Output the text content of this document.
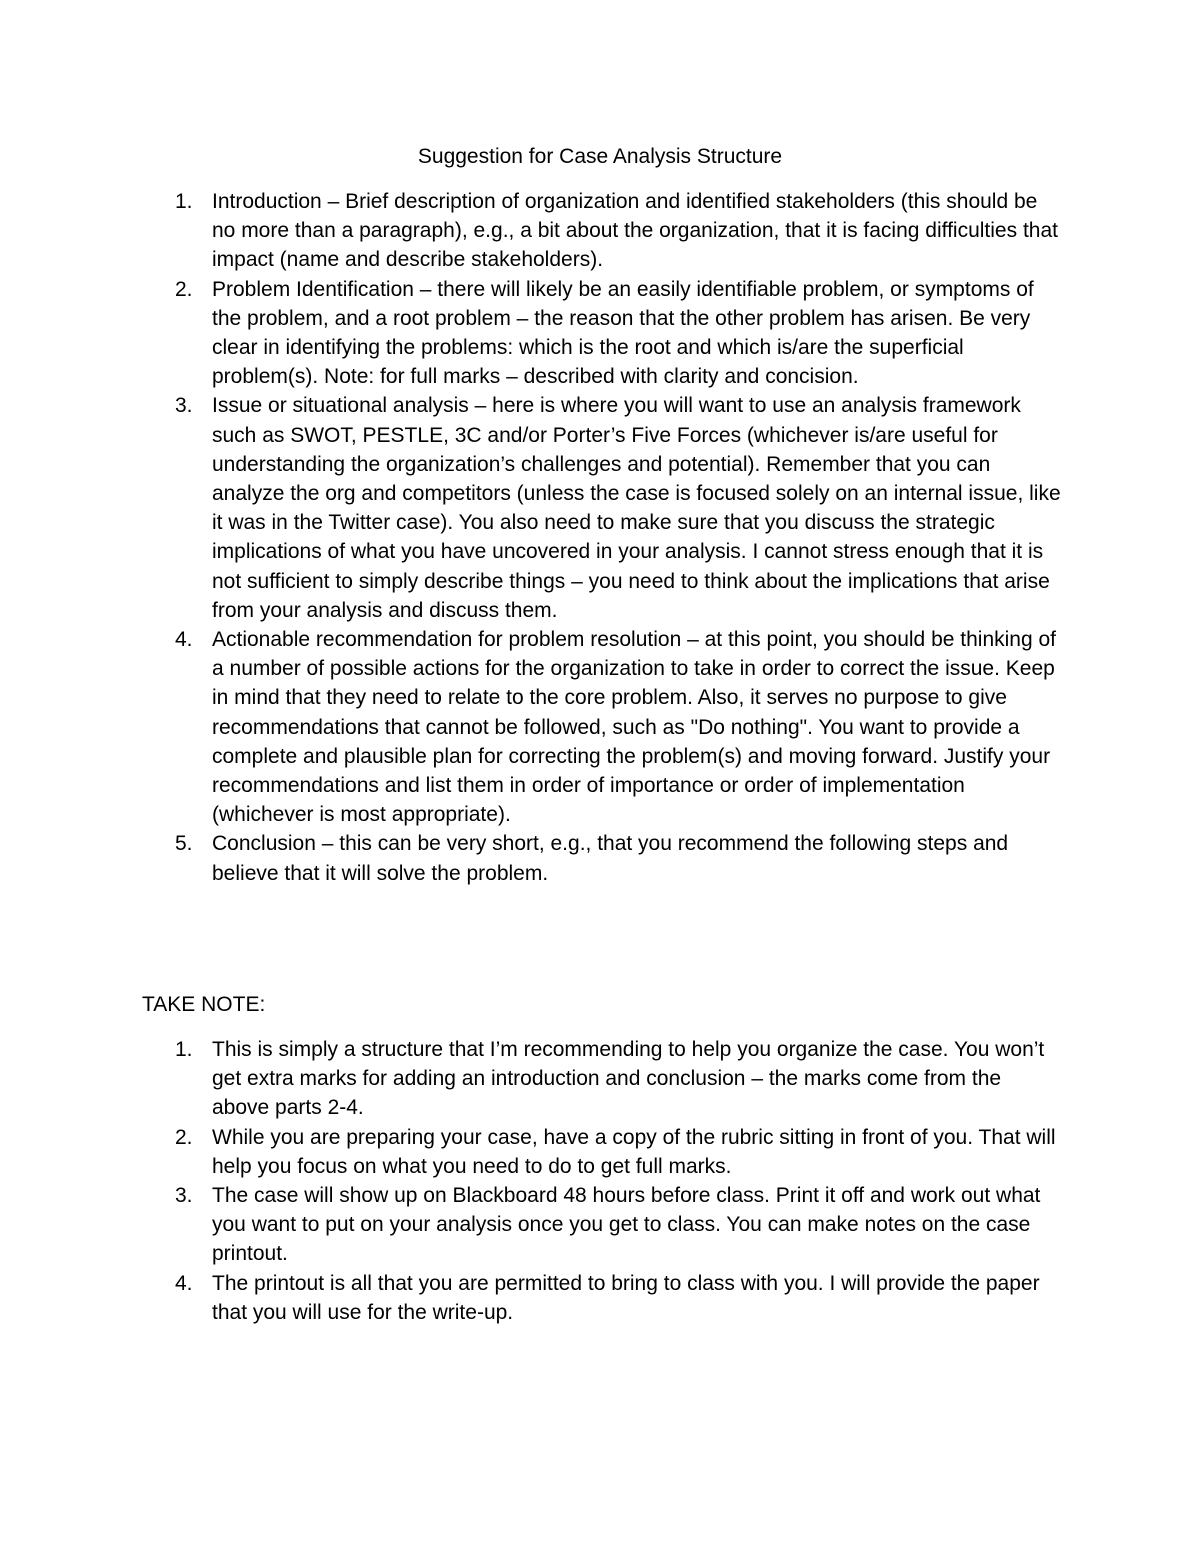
Suggestion for Case Analysis Structure
1. Introduction – Brief description of organization and identified stakeholders (this should be no more than a paragraph), e.g., a bit about the organization, that it is facing difficulties that impact (name and describe stakeholders).
2. Problem Identification – there will likely be an easily identifiable problem, or symptoms of the problem, and a root problem – the reason that the other problem has arisen. Be very clear in identifying the problems: which is the root and which is/are the superficial problem(s). Note: for full marks – described with clarity and concision.
3. Issue or situational analysis – here is where you will want to use an analysis framework such as SWOT, PESTLE, 3C and/or Porter’s Five Forces (whichever is/are useful for understanding the organization’s challenges and potential). Remember that you can analyze the org and competitors (unless the case is focused solely on an internal issue, like it was in the Twitter case). You also need to make sure that you discuss the strategic implications of what you have uncovered in your analysis. I cannot stress enough that it is not sufficient to simply describe things – you need to think about the implications that arise from your analysis and discuss them.
4. Actionable recommendation for problem resolution – at this point, you should be thinking of a number of possible actions for the organization to take in order to correct the issue. Keep in mind that they need to relate to the core problem. Also, it serves no purpose to give recommendations that cannot be followed, such as "Do nothing". You want to provide a complete and plausible plan for correcting the problem(s) and moving forward. Justify your recommendations and list them in order of importance or order of implementation (whichever is most appropriate).
5. Conclusion – this can be very short, e.g., that you recommend the following steps and believe that it will solve the problem.

TAKE NOTE:

1. This is simply a structure that I’m recommending to help you organize the case. You won’t get extra marks for adding an introduction and conclusion – the marks come from the above parts 2-4.
2. While you are preparing your case, have a copy of the rubric sitting in front of you. That will help you focus on what you need to do to get full marks.
3. The case will show up on Blackboard 48 hours before class. Print it off and work out what you want to put on your analysis once you get to class. You can make notes on the case printout.
4. The printout is all that you are permitted to bring to class with you. I will provide the paper that you will use for the write-up.
